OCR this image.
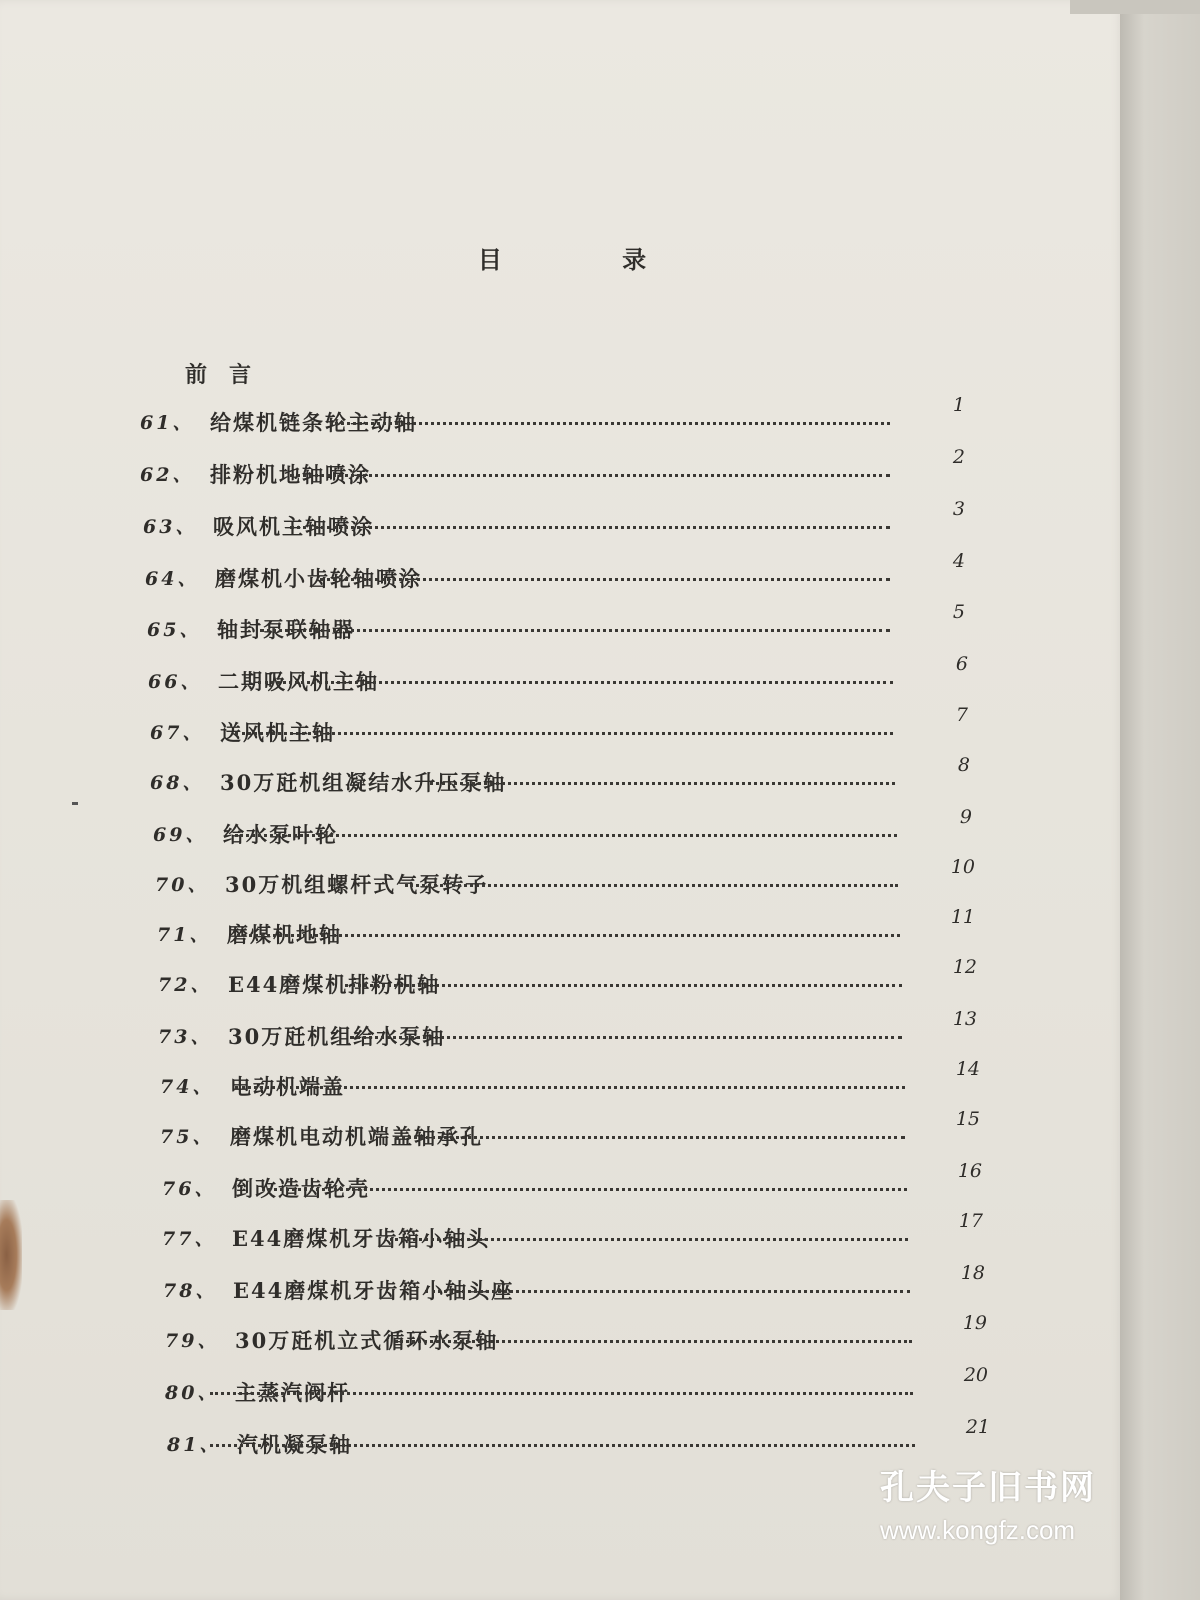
目	录
前言
61、 给煤机链条轮主动轴
1
62、 排粉机地轴喷涂
2
63、 吸风机主轴喷涂
3
64、 磨煤机小齿轮轴喷涂
4
65、 轴封泵联轴器
5
66、 二期吸风机主轴
6
67、 送风机主轴
7
68、 30万瓩机组凝结水升压泵轴
8
69、 给水泵叶轮
9
70、 30万机组螺杆式气泵转子
10
71、 磨煤机地轴
11
72、 E44磨煤机排粉机轴
12
73、 30万瓩机组给水泵轴
13
74、 电动机端盖
14
75、 磨煤机电动机端盖轴承孔
15
76、 倒改造齿轮壳
16
77、 E44磨煤机牙齿箱小轴头
17
78、 E44磨煤机牙齿箱小轴头座
18
79、 30万瓩机立式循环水泵轴
19
80、 主蒸汽阀杆
20
81、 汽机凝泵轴
21
孔夫子旧书网
www.kongfz.com
